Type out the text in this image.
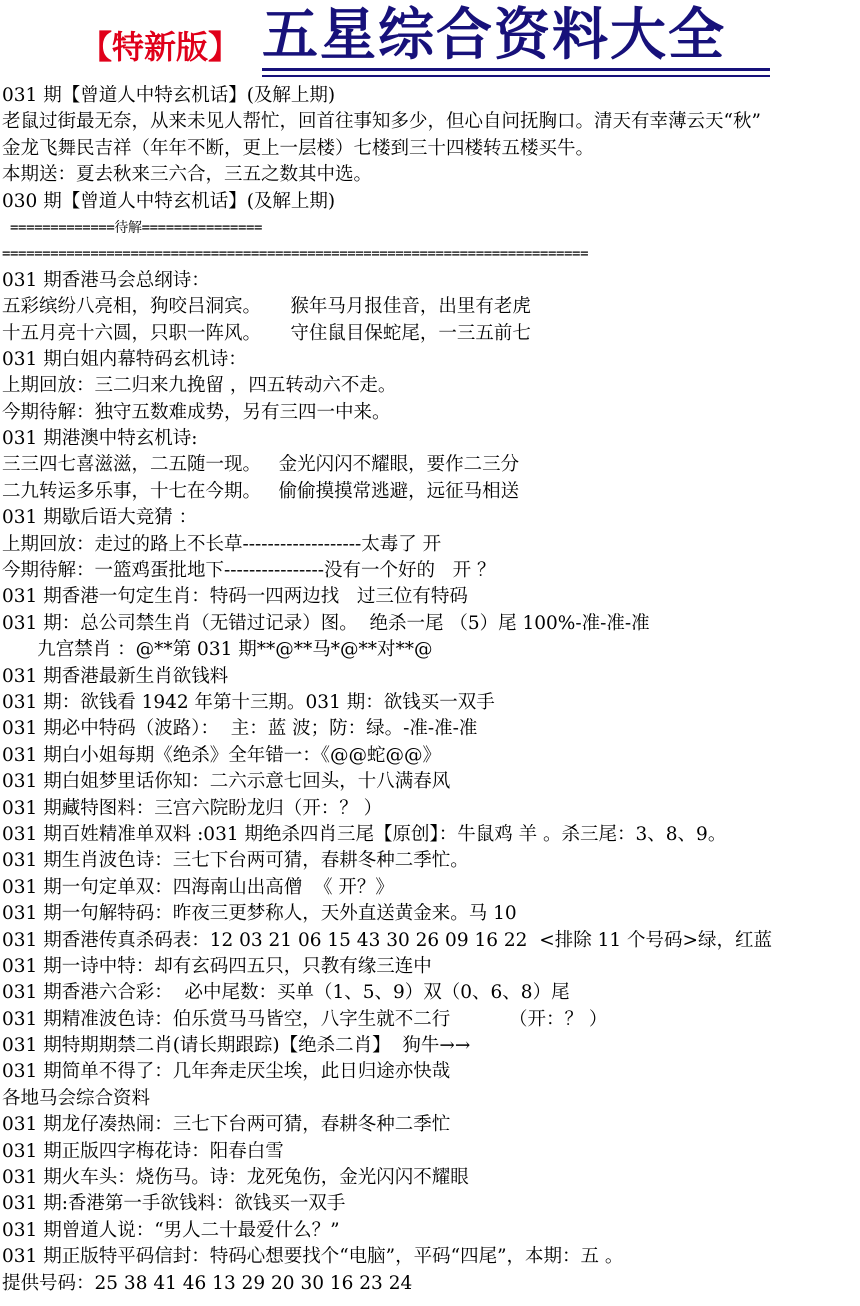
【特新版】 五星综合资料大全
031 期【曾道人中特玄机话】(及解上期)
老鼠过街最无奈，从来未见人帮忙，回首往事知多少，但心自问抚胸口。清天有幸薄云天“秋”
金龙飞舞民吉祥（年年不断，更上一层楼）七楼到三十四楼转五楼买牛。
本期送：夏去秋来三六合，三五之数其中选。
030 期【曾道人中特玄机话】(及解上期)
=============待解===============
=========================================================================
031 期香港马会总纲诗：
五彩缤纷八亮相，狗咬吕洞宾。     猴年马月报佳音，出里有老虎
十五月亮十六圆，只职一阵风。     守住鼠目保蛇尾，一三五前七
031 期白姐内幕特码玄机诗：
上期回放：三二归来九挽留 ，四五转动六不走。
今期待解：独守五数难成势，另有三四一中来。
031 期港澳中特玄机诗:
三三四七喜滋滋，二五随一现。   金光闪闪不耀眼，要作二三分
二九转运多乐事，十七在今期。   偷偷摸摸常逃避，远征马相送
031 期歇后语大竞猜 ：
上期回放：走过的路上不长草-------------------太毒了 开
今期待解：一篮鸡蛋批地下----------------没有一个好的   开 ？
031 期香港一句定生肖：特码一四两边找   过三位有特码
031 期：总公司禁生肖（无错过记录）图。  绝杀一尾 （5）尾 100%-准-准-准
九宫禁肖 ：@**第 031 期**@**马*@**对**@
031 期香港最新生肖欲钱料
031 期：欲钱看 1942 年第十三期。031 期：欲钱买一双手
031 期必中特码（波路）：  主：蓝 波；防：绿。-准-准-准
031 期白小姐每期《绝杀》全年错一：《@@蛇@@》
031 期白姐梦里话你知：二六示意七回头，十八满春风
031 期藏特图料：三宫六院盼龙归（开：？ ）
031 期百姓精准单双料 :031 期绝杀四肖三尾【原创】：牛鼠鸡 羊 。杀三尾：3、8、9。
031 期生肖波色诗：三七下台两可猜，春耕冬种二季忙。
031 期一句定单双：四海南山出高僧  《 开？》
031 期一句解特码：昨夜三更梦称人，天外直送黄金来。马 10
031 期香港传真杀码表：12 03 21 06 15 43 30 26 09 16 22  <排除 11 个号码>绿，红蓝
031 期一诗中特：却有玄码四五只，只教有缘三连中
031 期香港六合彩：  必中尾数：买单（1、5、9）双（0、6、8）尾
031 期精准波色诗：伯乐赏马马皆空，八字生就不二行          （开：？ ）
031 期特期期禁二肖(请长期跟踪)【绝杀二肖】  狗牛→→
031 期简单不得了：几年奔走厌尘埃，此日归途亦快哉
各地马会综合资料
031 期龙仔凑热闹：三七下台两可猜，春耕冬种二季忙
031 期正版四字梅花诗：阳春白雪
031 期火车头：烧伤马。诗：龙死兔伤，金光闪闪不耀眼
031 期:香港第一手欲钱料：欲钱买一双手
031 期曾道人说：“男人二十最爱什么？”
031 期正版特平码信封：特码心想要找个“电脑”，平码“四尾”，本期：五 。
提供号码：25 38 41 46 13 29 20 30 16 23 24
